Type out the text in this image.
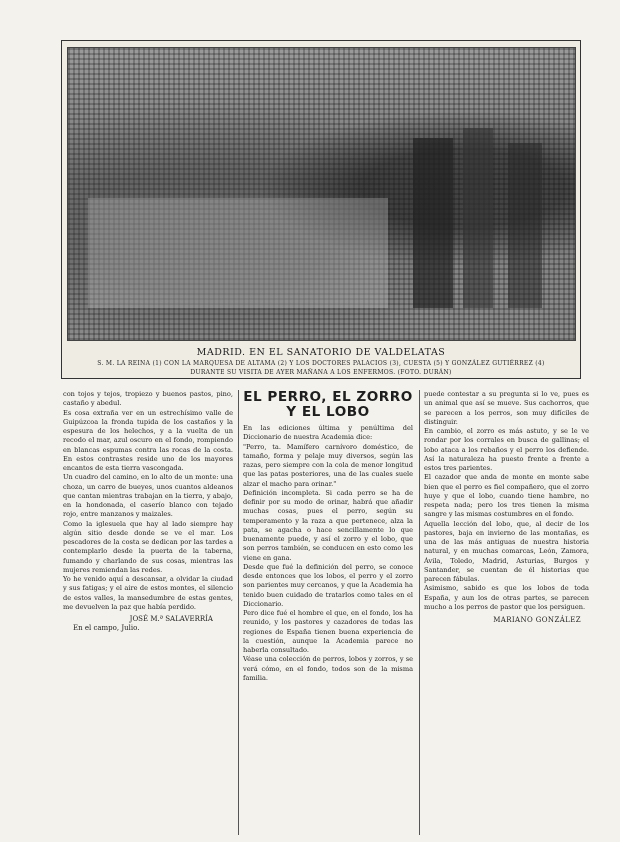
MADRID. EN EL SANATORIO DE VALDELATAS
S. M. LA REINA (1) CON LA MARQUESA DE ALTAMA (2) Y LOS DOCTORES PALACIOS (3), CUESTA (5) Y GONZÁLEZ GUTIÉRREZ (4)
DURANTE SU VISITA DE AYER MAÑANA A LOS ENFERMOS. (FOTO. DURÁN)

con tojos y tejos, tropiezo y buenos pastos, pino, castaño y abedul.

Es cosa extraña ver en un estrechísimo valle de Guipúzcoa la fronda tupida de los castaños y la espesura de los helechos, y a la vuelta de un recodo el mar, azul oscuro en el fondo, rompiendo en blancas espumas contra las rocas de la costa. En estos contrastes reside uno de los mayores encantos de esta tierra vascongada.

Un cuadro del camino, en lo alto de un monte: una choza, un carro de bueyes, unos cuantos aldeanos que cantan mientras trabajan en la tierra, y abajo, en la hondonada, el caserío blanco con tejado rojo, entre manzanos y maizales.

Como la iglesuela que hay al lado siempre hay algún sitio desde donde se ve el mar. Los pescadores de la costa se dedican por las tardes a contemplarlo desde la puerta de la taberna, fumando y charlando de sus cosas, mientras las mujeres remiendan las redes.

Yo he venido aquí a descansar, a olvidar la ciudad y sus fatigas; y el aire de estos montes, el silencio de estos valles, la mansedumbre de estas gentes, me devuelven la paz que había perdido.

JOSÉ M.ª SALAVERRÍA
En el campo, Julio.
EL PERRO, EL ZORRO
Y EL LOBO

En las ediciones última y penúltima del Diccionario de nuestra Academia dice:

"Perro, ta. Mamífero carnívoro doméstico, de tamaño, forma y pelaje muy diversos, según las razas, pero siempre con la cola de menor longitud que las patas posteriores, una de las cuales suele alzar el macho para orinar."

Definición incompleta. Si cada perro se ha de definir por su modo de orinar, habrá que añadir muchas cosas, pues el perro, según su temperamento y la raza a que pertenece, alza la pata, se agacha o hace sencillamente lo que buenamente puede, y así el zorro y el lobo, que son perros también, se conducen en esto como les viene en gana.

Desde que fué la definición del perro, se conoce desde entonces que los lobos, el perro y el zorro son parientes muy cercanos, y que la Academia ha tenido buen cuidado de tratarlos como tales en el Diccionario.

Pero dice fué el hombre el que, en el fondo, los ha reunido, y los pastores y cazadores de todas las regiones de España tienen buena experiencia de la cuestión, aunque la Academia parece no haberla consultado.

Véase una colección de perros, lobos y zorros, y se verá cómo, en el fondo, todos son de la misma familia.

puede contestar a su pregunta si lo ve, pues es un animal que así se mueve. Sus cachorros, que se parecen a los perros, son muy difíciles de distinguir.

En cambio, el zorro es más astuto, y se le ve rondar por los corrales en busca de gallinas; el lobo ataca a los rebaños y el perro los defiende. Así la naturaleza ha puesto frente a frente a estos tres parientes.

El cazador que anda de monte en monte sabe bien que el perro es fiel compañero, que el zorro huye y que el lobo, cuando tiene hambre, no respeta nada; pero los tres tienen la misma sangre y las mismas costumbres en el fondo.

Aquella lección del lobo, que, al decir de los pastores, baja en invierno de las montañas, es una de las más antiguas de nuestra historia natural, y en muchas comarcas, León, Zamora, Ávila, Toledo, Madrid, Asturias, Burgos y Santander, se cuentan de él historias que parecen fábulas.

Asimismo, sabido es que los lobos de toda España, y aun los de otras partes, se parecen mucho a los perros de pastor que los persiguen.

MARIANO GONZÁLEZ
